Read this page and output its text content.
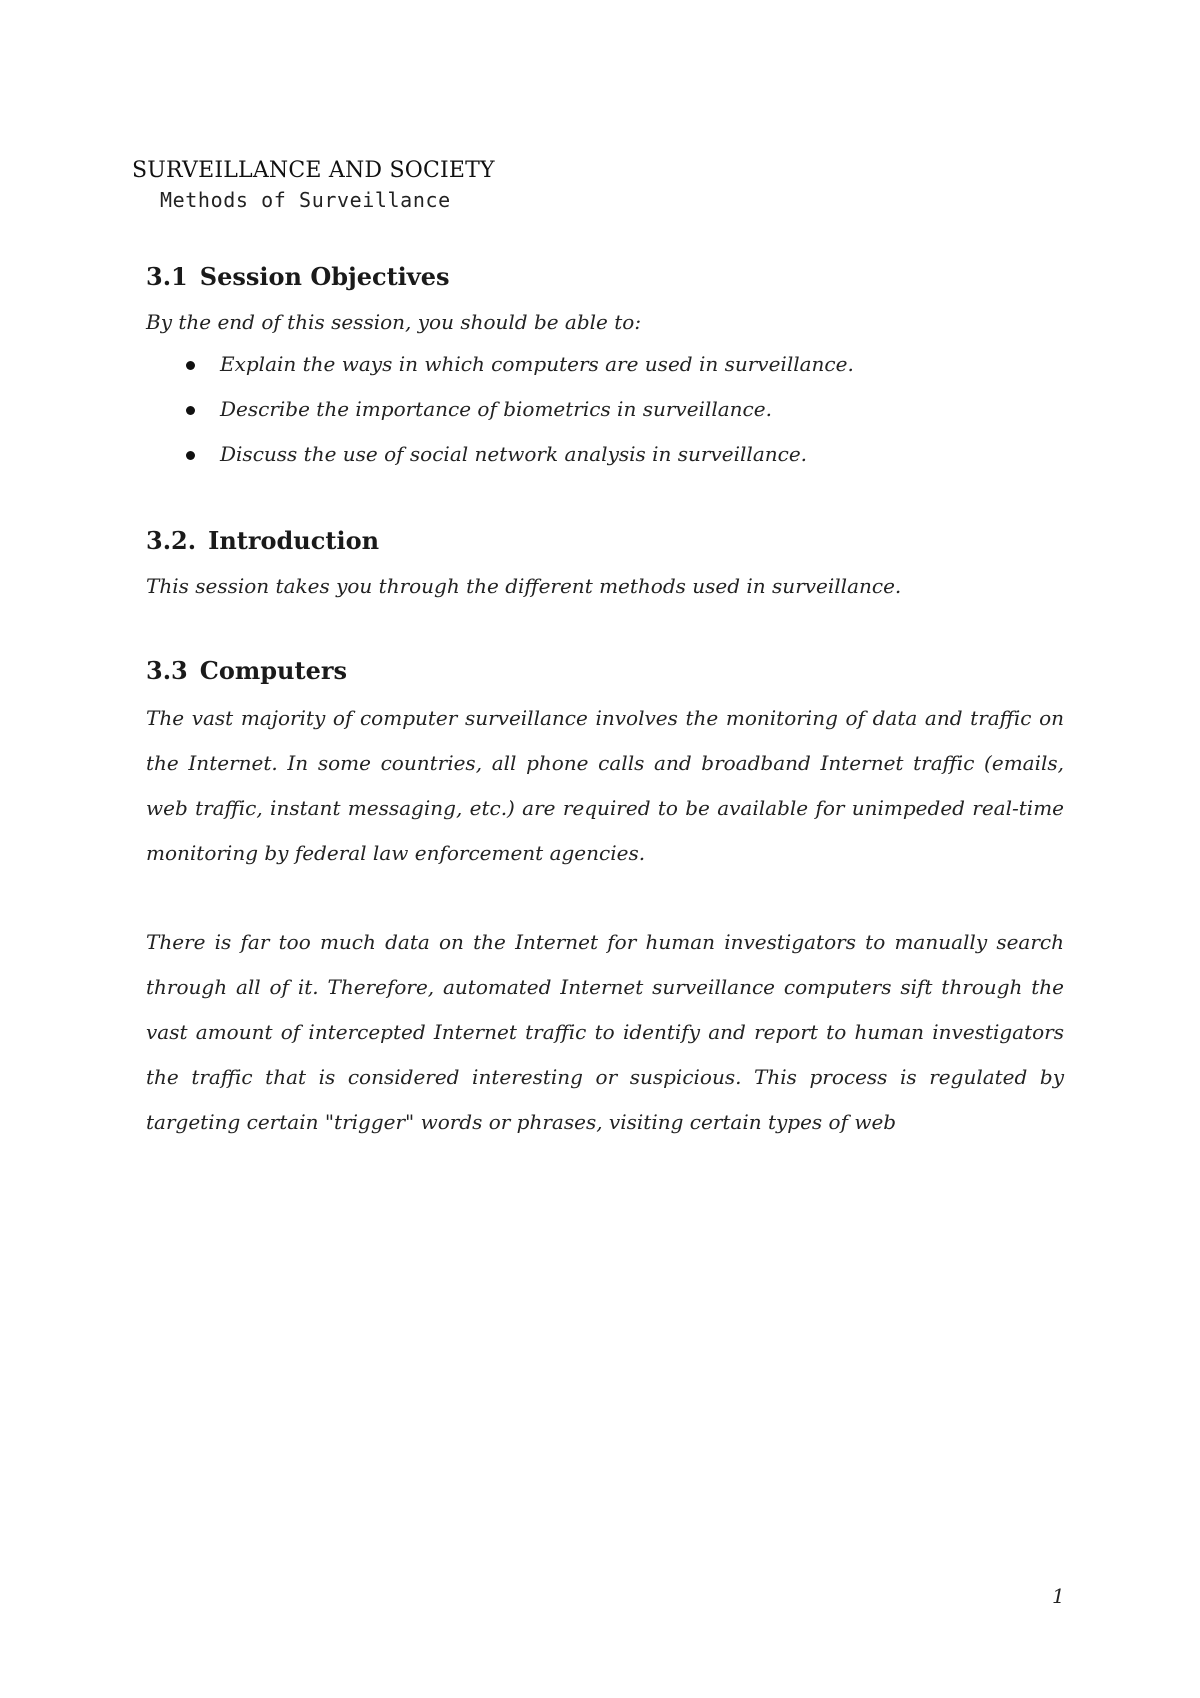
SURVEILLANCE AND SOCIETY
Methods of Surveillance
3.1 Session Objectives

By the end of this session, you should be able to:

Explain the ways in which computers are used in surveillance.
Describe the importance of biometrics in surveillance.
Discuss the use of social network analysis in surveillance.
3.2. Introduction

This session takes you through the different methods used in surveillance.

3.3 Computers

The vast majority of computer surveillance involves the monitoring of data and traffic on the Internet. In some countries, all phone calls and broadband Internet traffic (emails, web traffic, instant messaging, etc.) are required to be available for unimpeded real-time monitoring by federal law enforcement agencies.

There is far too much data on the Internet for human investigators to manually search through all of it. Therefore, automated Internet surveillance computers sift through the vast amount of intercepted Internet traffic to identify and report to human investigators the traffic that is considered interesting or suspicious. This process is regulated by targeting certain "trigger" words or phrases, visiting certain types of web

1
